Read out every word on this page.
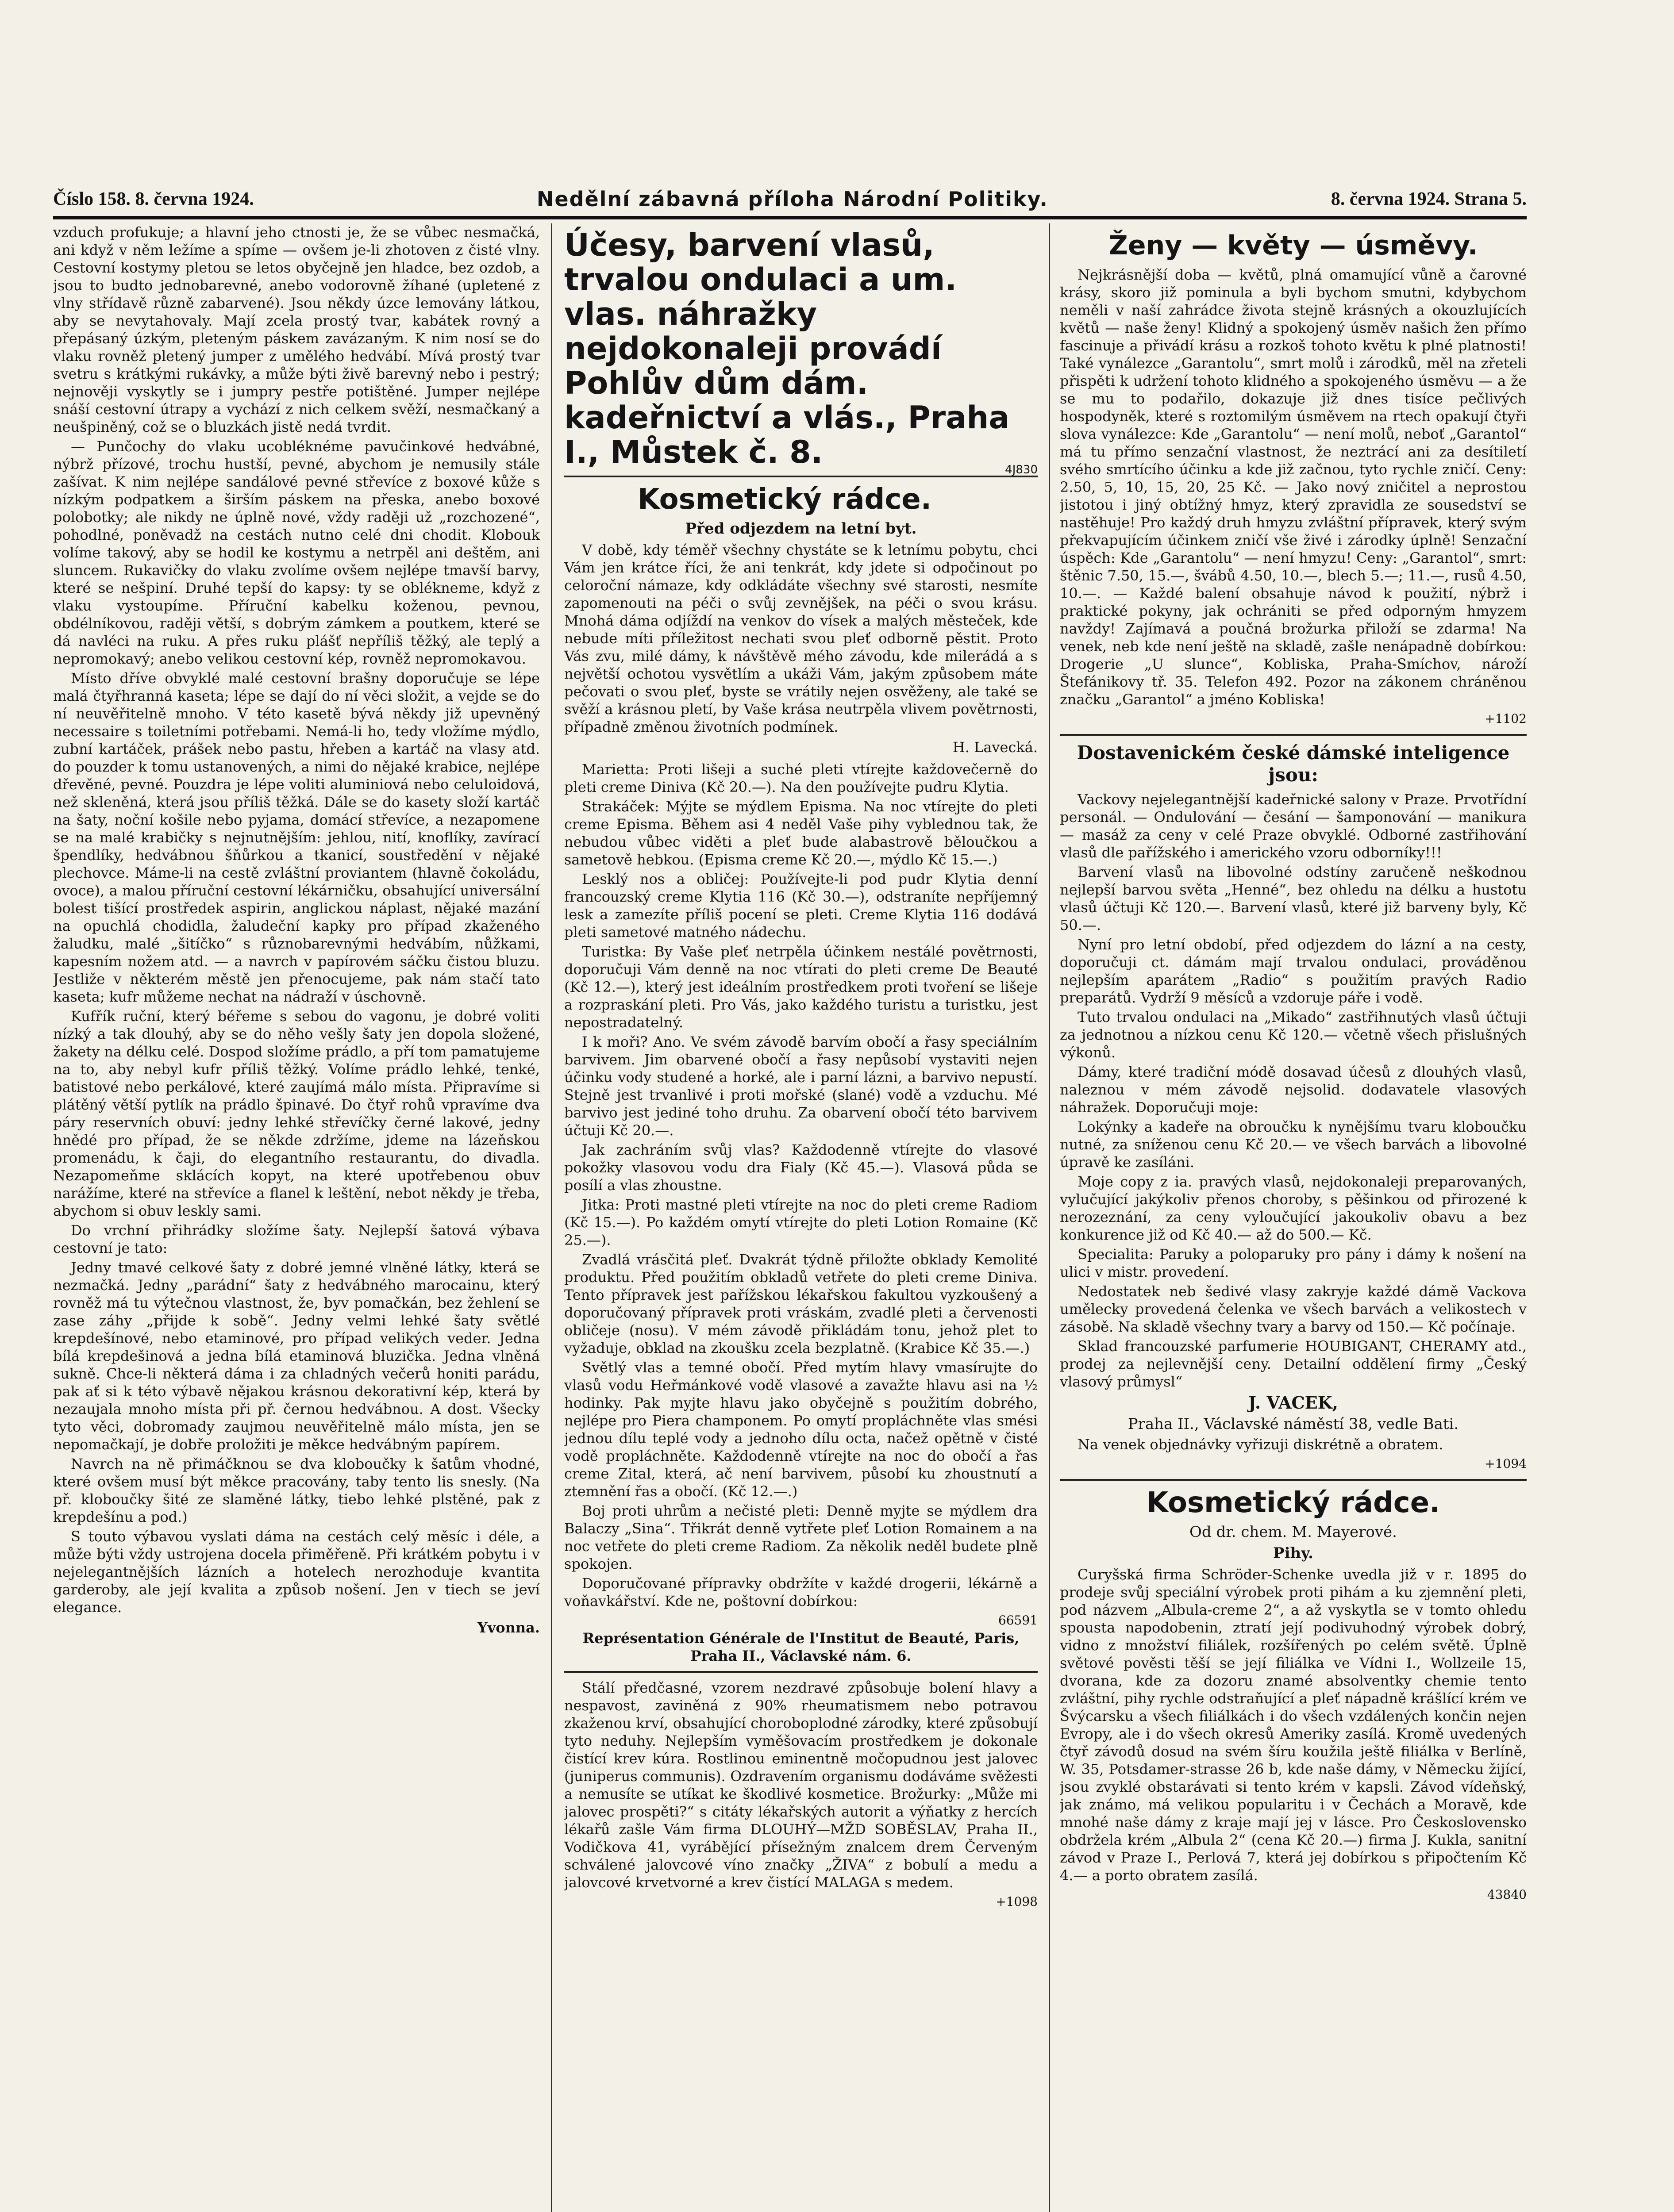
Číslo 158. 8. června 1924.	Nedělní zábavná příloha Národní Politiky.	8. června 1924. Strana 5.

vzduch profukuje; a hlavní jeho ctnosti je, že se vůbec nesmačká, ani když v něm ležíme a spíme — ovšem je-li zhotoven z čisté vlny. Cestovní kostymy pletou se letos obyčejně jen hladce, bez ozdob, a jsou to budto jednobarevné, anebo vodorovně žíhané (upletené z vlny střídavě různě zabarvené). Jsou někdy úzce lemovány látkou, aby se nevytahovaly. Mají zcela prostý tvar, kabátek rovný a přepásaný úzkým, pleteným páskem zavázaným. K nim nosí se do vlaku rovněž pletený jumper z umělého hedvábí. Mívá prostý tvar svetru s krátkými rukávky, a může býti živě barevný nebo i pestrý; nejnověji vyskytly se i jumpry pestře potištěné. Jumper nejlépe snáší cestovní útrapy a vychází z nich celkem svěží, nesmačkaný a neušpiněný, což se o bluzkách jistě nedá tvrdit.

— Punčochy do vlaku ucobléknéme pavučinkové hedvábné, nýbrž přízové, trochu hustší, pevné, abychom je nemusily stále zašívat. K nim nejlépe sandálové pevné střevíce z boxové kůže s nízkým podpatkem a širším páskem na přeska, anebo boxové polobotky; ale nikdy ne úplně nové, vždy raději už „rozchozené“, pohodlné, poněvadž na cestách nutno celé dni chodit. Klobouk volíme takový, aby se hodil ke kostymu a netrpěl ani deštěm, ani sluncem. Rukavičky do vlaku zvolíme ovšem nejlépe tmavší barvy, které se nešpiní. Druhé tepší do kapsy: ty se oblékneme, když z vlaku vystoupíme. Příruční kabelku koženou, pevnou, obdélníkovou, raději větší, s dobrým zámkem a poutkem, které se dá navléci na ruku. A přes ruku plášť nepříliš těžký, ale teplý a nepromokavý; anebo velikou cestovní kép, rovněž nepromokavou.

Místo dříve obvyklé malé cestovní brašny doporučuje se lépe malá čtyřhranná kaseta; lépe se dají do ní věci složit, a vejde se do ní neuvěřitelně mnoho. V této kasetě bývá někdy již upevněný necessaire s toiletními potřebami. Nemá-li ho, tedy vložíme mýdlo, zubní kartáček, prášek nebo pastu, hřeben a kartáč na vlasy atd. do pouzder k tomu ustanovených, a nimi do nějaké krabice, nejlépe dřevěné, pevné. Pouzdra je lépe voliti aluminiová nebo celuloidová, než skleněná, která jsou příliš těžká. Dále se do kasety složí kartáč na šaty, noční košile nebo pyjama, domácí střevíce, a nezapomene se na malé krabičky s nejnutnějším: jehlou, nití, knoflíky, zavírací špendlíky, hedvábnou šňůrkou a tkanicí, soustředění v nějaké plechovce. Máme-li na cestě zvláštní proviantem (hlavně čokoládu, ovoce), a malou příruční cestovní lékárničku, obsahující universální bolest tišící prostředek aspirin, anglickou náplast, nějaké mazání na opuchlá chodidla, žaludeční kapky pro případ zkaženého žaludku, malé „šitíčko“ s různobarevnými hedvábím, nůžkami, kapesním nožem atd. — a navrch v papírovém sáčku čistou bluzu. Jestliže v některém městě jen přenocujeme, pak nám stačí tato kaseta; kufr můžeme nechat na nádraží v úschovně.

Kufřík ruční, který béřeme s sebou do vagonu, je dobré voliti nízký a tak dlouhý, aby se do něho vešly šaty jen dopola složené, žakety na délku celé. Dospod složíme prádlo, a pří tom pamatujeme na to, aby nebyl kufr příliš těžký. Volíme prádlo lehké, tenké, batistové nebo perkálové, které zaujímá málo místa. Připravíme si plátěný větší pytlík na prádlo špinavé. Do čtyř rohů vpravíme dva páry reservních obuví: jedny lehké střevíčky černé lakové, jedny hnědé pro případ, že se někde zdržíme, jdeme na lázeňskou promenádu, k čaji, do elegantního restaurantu, do divadla. Nezapomeňme sklácích kopyt, na které upotřebenou obuv narážíme, které na střevíce a flanel k leštění, nebot někdy je třeba, abychom si obuv leskly sami.

Do vrchní přihrádky složíme šaty. Nejlepší šatová výbava cestovní je tato:

Jedny tmavé celkové šaty z dobré jemné vlněné látky, která se nezmačká. Jedny „parádní“ šaty z hedvábného marocainu, který rovněž má tu výtečnou vlastnost, že, byv pomačkán, bez žehlení se zase záhy „přijde k sobě“. Jedny velmi lehké šaty světlé krepdešínové, nebo etaminové, pro případ velikých veder. Jedna bílá krepdešinová a jedna bílá etaminová bluzička. Jedna vlněná sukně. Chce-li některá dáma i za chladných večerů honiti parádu, pak ať si k této výbavě nějakou krásnou dekorativní kép, která by nezaujala mnoho místa při př. černou hedvábnou. A dost. Všecky tyto věci, dobromady zaujmou neuvěřitelně málo místa, jen se nepomačkají, je dobře proložiti je měkce hedvábným papírem.

Navrch na ně přimáčknou se dva kloboučky k šatům vhodné, které ovšem musí být měkce pracovány, taby tento lis snesly. (Na př. kloboučky šité ze slaměné látky, tiebo lehké plstěné, pak z krepdešínu a pod.)

S touto výbavou vyslati dáma na cestách celý měsíc i déle, a může býti vždy ustrojena docela přiměřeně. Při krátkém pobytu i v nejelegantnějších lázních a hotelech nerozhoduje kvantita garderoby, ale její kvalita a způsob nošení. Jen v tiech se jeví elegance.

Yvonna.
Účesy, barvení vlasů, trvalou ondulaci a um. vlas. náhražky nejdokonaleji provádí Pohlův dům dám. kadeřnictví a vlás., Praha I., Můstek č. 8.	4J830
Kosmetický rádce.
Před odjezdem na letní byt.

V době, kdy téměř všechny chystáte se k letnímu pobytu, chci Vám jen krátce říci, že ani tenkrát, kdy jdete si odpočinout po celoroční námaze, kdy odkládáte všechny své starosti, nesmíte zapomenouti na péči o svůj zevnějšek, na péči o svou krásu. Mnohá dáma odjíždí na venkov do vísek a malých městeček, kde nebude míti příležitost nechati svou pleť odborně pěstit. Proto Vás zvu, milé dámy, k návštěvě mého závodu, kde milerádá a s největší ochotou vysvětlím a ukáži Vám, jakým způsobem máte pečovati o svou pleť, byste se vrátily nejen osvěženy, ale také se svěží a krásnou pletí, by Vaše krása neutrpěla vlivem povětrnosti, případně změnou životních podmínek.

H. Lavecká.

Marietta: Proti lišeji a suché pleti vtírejte každovečerně do pleti creme Diniva (Kč 20.—). Na den používejte pudru Klytia.

Strakáček: Mýjte se mýdlem Episma. Na noc vtírejte do pleti creme Episma. Během asi 4 neděl Vaše pihy vyblednou tak, že nebudou vůbec viděti a pleť bude alabastrově běloučkou a sametově hebkou. (Episma creme Kč 20.—, mýdlo Kč 15.—.)

Lesklý nos a obličej: Používejte-li pod pudr Klytia denní francouzský creme Klytia 116 (Kč 30.—), odstraníte nepříjemný lesk a zamezíte příliš pocení se pleti. Creme Klytia 116 dodává pleti sametové matného nádechu.

Turistka: By Vaše pleť netrpěla účinkem nestálé povětrnosti, doporučuji Vám denně na noc vtírati do pleti creme De Beauté (Kč 12.—), který jest ideálním prostředkem proti tvoření se lišeje a rozpraskání pleti. Pro Vás, jako každého turistu a turistku, jest nepostradatelný.

I k moři? Ano. Ve svém závodě barvím obočí a řasy speciálním barvivem. Jim obarvené obočí a řasy nepůsobí vystaviti nejen účinku vody studené a horké, ale i parní lázni, a barvivo nepustí. Stejně jest trvanlivé i proti mořské (slané) vodě a vzduchu. Mé barvivo jest jediné toho druhu. Za obarvení obočí této barvivem účtuji Kč 20.—.

Jak zachráním svůj vlas? Každodenně vtírejte do vlasové pokožky vlasovou vodu dra Fialy (Kč 45.—). Vlasová půda se posílí a vlas zhoustne.

Jitka: Proti mastné pleti vtírejte na noc do pleti creme Radiom (Kč 15.—). Po každém omytí vtírejte do pleti Lotion Romaine (Kč 25.—).

Zvadlá vrásčitá pleť. Dvakrát týdně přiložte obklady Kemolité produktu. Před použitím obkladů vetřete do pleti creme Diniva. Tento přípravek jest pařížskou lékařskou fakultou vyzkoušený a doporučovaný přípravek proti vráskám, zvadlé pleti a červenosti obličeje (nosu). V mém závodě přikládám tonu, jehož plet to vyžaduje, obklad na zkoušku zcela bezplatně. (Krabice Kč 35.—.)

Světlý vlas a temné obočí. Před mytím hlavy vmasírujte do vlasů vodu Heřmánkové vodě vlasové a zavažte hlavu asi na ½ hodinky. Pak myjte hlavu jako obyčejně s použitím dobrého, nejlépe pro Piera champonem. Po omytí propláchněte vlas smési jednou dílu teplé vody a jednoho dílu octa, načež opětně v čisté vodě propláchněte. Každodenně vtírejte na noc do obočí a řas creme Zital, která, ač není barvivem, působí ku zhoustnutí a ztemnění řas a obočí. (Kč 12.—.)

Boj proti uhrům a nečisté pleti: Denně myjte se mýdlem dra Balaczy „Sina“. Třikrát denně vytřete pleť Lotion Romainem a na noc vetřete do pleti creme Radiom. Za několik neděl budete plně spokojen.

Doporučované přípravky obdržíte v každé drogerii, lékárně a voňavkářství. Kde ne, poštovní dobírkou:

66591
Représentation Générale de l'Institut de Beauté, Paris, Praha II., Václavské nám. 6.

Stálí předčasné, vzorem nezdravé způsobuje bolení hlavy a nespavost, zaviněná z 90% rheumatismem nebo potravou zkaženou krví, obsahující choroboplodné zárodky, které způsobují tyto neduhy. Nejlepším vyměšovacím prostředkem je dokonale čistící krev kúra. Rostlinou eminentně močopudnou jest jalovec (juniperus communis). Ozdravením organismu dodáváme svěžesti a nemusíte se utíkat ke škodlivé kosmetice. Brožurky: „Může mi jalovec prospěti?“ s citáty lékařských autorit a výňatky z hercích lékařů zašle Vám firma DLOUHÝ—MŽD SOBĚSLAV, Praha II., Vodičkova 41, vyrábějící přísežným znalcem drem Červeným schválené jalovcové víno značky „ŽIVA“ z bobulí a medu a jalovcové krvetvorné a krev čistící MALAGA s medem.

+1098
Ženy — květy — úsměvy.

Nejkrásnější doba — květů, plná omamující vůně a čarovné krásy, skoro již pominula a byli bychom smutni, kdybychom neměli v naší zahrádce života stejně krásných a okouzlujících květů — naše ženy! Klidný a spokojený úsměv našich žen přímo fascinuje a přivádí krásu a rozkoš tohoto květu k plné platnosti! Také vynálezce „Garantolu“, smrt molů i zárodků, měl na zřeteli přispěti k udržení tohoto klidného a spokojeného úsměvu — a že se mu to podařilo, dokazuje již dnes tisíce pečlivých hospodyněk, které s roztomilým úsměvem na rtech opakují čtyři slova vynálezce: Kde „Garantolu“ — není molů, neboť „Garantol“ má tu přímo senzační vlastnost, že neztrácí ani za desítiletí svého smrtícího účinku a kde již začnou, tyto rychle zničí. Ceny: 2.50, 5, 10, 15, 20, 25 Kč. — Jako nový zničitel a neprostou jistotou i jiný obtížný hmyz, který zpravidla ze sousedství se nastěhuje! Pro každý druh hmyzu zvláštní přípravek, který svým překvapujícím účinkem zničí vše živé i zárodky úplně! Senzační úspěch: Kde „Garantolu“ — není hmyzu! Ceny: „Garantol“, smrt: štěnic 7.50, 15.—, švábů 4.50, 10.—, blech 5.—; 11.—, rusů 4.50, 10.—. — Každé balení obsahuje návod k použití, nýbrž i praktické pokyny, jak ochrániti se před odporným hmyzem navždy! Zajímavá a poučná brožurka přiloží se zdarma! Na venek, neb kde není ještě na skladě, zašle nenápadně dobírkou: Drogerie „U slunce“, Kobliska, Praha-Smíchov, nároží Štefánikovy tř. 35. Telefon 492. Pozor na zákonem chráněnou značku „Garantol“ a jméno Kobliska!

+1102
Dostavenickém české dámské inteligence jsou:

Vackovy nejelegantnější kadeřnické salony v Praze. Prvotřídní personál. — Ondulování — česání — šamponování — manikura — masáž za ceny v celé Praze obvyklé. Odborné zastřihování vlasů dle pařížského i amerického vzoru odborníky!!!

Barvení vlasů na libovolné odstíny zaručeně neškodnou nejlepší barvou světa „Henné“, bez ohledu na délku a hustotu vlasů účtuji Kč 120.—. Barvení vlasů, které již barveny byly, Kč 50.—.

Nyní pro letní období, před odjezdem do lázní a na cesty, doporučuji ct. dámám mají trvalou ondulaci, prováděnou nejlepším aparátem „Radio“ s použitím pravých Radio preparátů. Vydrží 9 měsíců a vzdoruje páře i vodě.

Tuto trvalou ondulaci na „Mikado“ zastřihnutých vlasů účtuji za jednotnou a nízkou cenu Kč 120.— včetně všech přislušných výkonů.

Dámy, které tradiční módě dosavad účesů z dlouhých vlasů, naleznou v mém závodě nejsolid. dodavatele vlasových náhražek. Doporučuji moje:

Lokýnky a kadeře na obroučku k nynějšímu tvaru kloboučku nutné, za sníženou cenu Kč 20.— ve všech barvách a libovolné úpravě ke zasíláni.

Moje copy z ia. pravých vlasů, nejdokonaleji preparovaných, vylučující jakýkoliv přenos choroby, s pěšinkou od přirozené k nerozeznání, za ceny vyloučující jakoukoliv obavu a bez konkurence již od Kč 40.— až do 500.— Kč.

Specialita: Paruky a poloparuky pro pány i dámy k nošení na ulici v mistr. provedení.

Nedostatek neb šedivé vlasy zakryje každé dámě Vackova umělecky provedená čelenka ve všech barvách a velikostech v zásobě. Na skladě všechny tvary a barvy od 150.— Kč počínaje.

Sklad francouzské parfumerie HOUBIGANT, CHERAMY atd., prodej za nejlevnější ceny. Detailní oddělení firmy „Český vlasový průmysl“

J. VACEK,
Praha II., Václavské náměstí 38, vedle Bati.

Na venek objednávky vyřizuji diskrétně a obratem.

+1094
Kosmetický rádce.
Od dr. chem. M. Mayerové.
Pihy.

Curyšská firma Schröder-Schenke uvedla již v r. 1895 do prodeje svůj speciální výrobek proti pihám a ku zjemnění pleti, pod názvem „Albula-creme 2“, a až vyskytla se v tomto ohledu spousta napodobenin, ztratí její podivuhodný výrobek dobrý, vidno z množství filiálek, rozšířených po celém světě. Úplně světové pověsti těší se její filiálka ve Vídni I., Wollzeile 15, dvorana, kde za dozoru znamé absolventky chemie tento zvláštní, pihy rychle odstraňující a pleť nápadně krášlící krém ve Švýcarsku a všech filiálkách i do všech vzdálených končin nejen Evropy, ale i do všech okresů Ameriky zasílá. Kromě uvedených čtyř závodů dosud na svém šíru koužila ještě filiálka v Berlíně, W. 35, Potsdamer-strasse 26 b, kde naše dámy, v Německu žijící, jsou zvyklé obstarávati si tento krém v kapsli. Závod vídeňský, jak známo, má velikou popularitu i v Čechách a Moravě, kde mnohé naše dámy z kraje mají jej v lásce. Pro Československo obdržela krém „Albula 2“ (cena Kč 20.—) firma J. Kukla, sanitní závod v Praze I., Perlová 7, která jej dobírkou s připočtením Kč 4.— a porto obratem zasílá.

43840
